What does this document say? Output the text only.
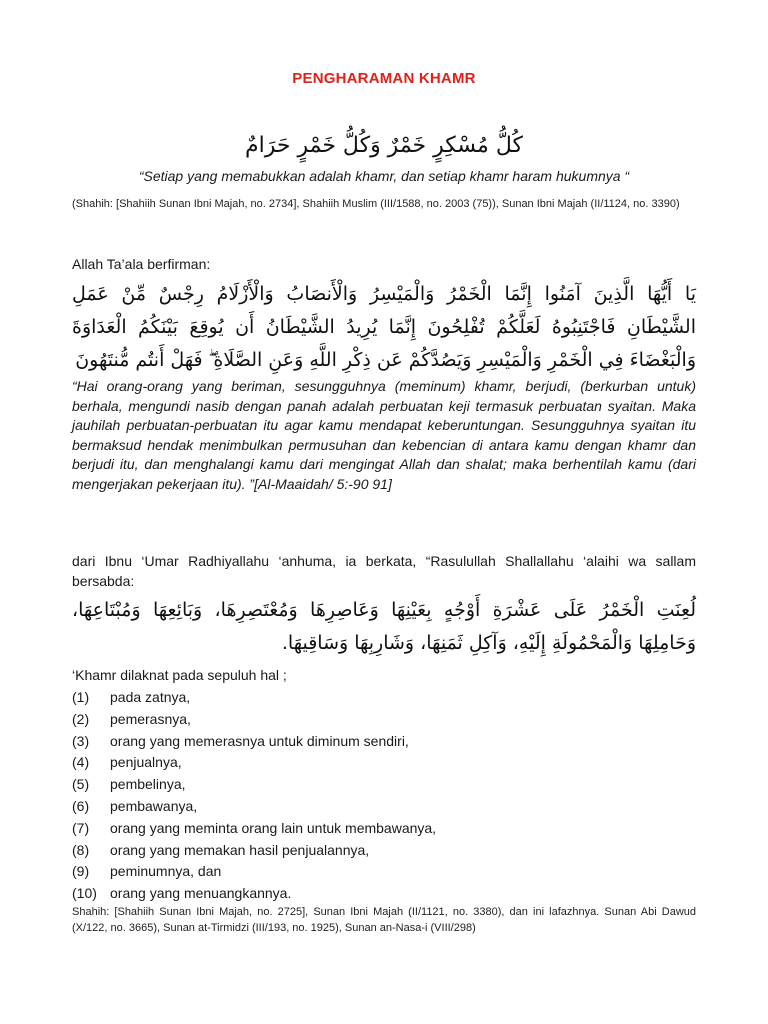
PENGHARAMAN KHAMR
كُلُّ مُسْكِرٍ خَمْرٌ وَكُلُّ خَمْرٍ حَرَامٌ
“Setiap yang memabukkan adalah khamr, dan setiap khamr haram hukumnya “
(Shahih: [Shahiih Sunan Ibni Majah, no. 2734], Shahiih Muslim (III/1588, no. 2003 (75)), Sunan Ibni Majah (II/1124, no. 3390)
Allah Ta’ala berfirman:
يَا أَيُّهَا الَّذِينَ آمَنُوا إِنَّمَا الْخَمْرُ وَالْمَيْسِرُ وَالْأَنصَابُ وَالْأَزْلَامُ رِجْسٌ مِّنْ عَمَلِ الشَّيْطَانِ فَاجْتَنِبُوهُ لَعَلَّكُمْ تُفْلِحُونَ إِنَّمَا يُرِيدُ الشَّيْطَانُ أَن يُوقِعَ بَيْنَكُمُ الْعَدَاوَةَ وَالْبَغْضَاءَ فِي الْخَمْرِ وَالْمَيْسِرِ وَيَصُدَّكُمْ عَن ذِكْرِ اللَّهِ وَعَنِ الصَّلَاةِ ۖ فَهَلْ أَنتُم مُّنتَهُونَ
“Hai orang-orang yang beriman, sesungguhnya (meminum) khamr, berjudi, (berkurban untuk) berhala, mengundi nasib dengan panah adalah perbuatan keji termasuk perbuatan syaitan. Maka jauhilah perbuatan-perbuatan itu agar kamu mendapat keberuntungan. Sesungguhnya syaitan itu bermaksud hendak menimbulkan permusuhan dan kebencian di antara kamu dengan khamr dan berjudi itu, dan menghalangi kamu dari mengingat Allah dan shalat; maka berhentilah kamu (dari mengerjakan pekerjaan itu). ”[Al-Maaidah/ 5:-90 91]
dari Ibnu ‘Umar Radhiyallahu ‘anhuma, ia berkata, “Rasulullah Shallallahu ‘alaihi wa sallam bersabda:
لُعِنَتِ الْخَمْرُ عَلَى عَشْرَةِ أَوْجُهٍ بِعَيْنِهَا وَعَاصِرِهَا وَمُعْتَصِرِهَا، وَبَائِعِهَا وَمُبْتَاعِهَا، وَحَامِلِهَا وَالْمَحْمُولَةِ إِلَيْهِ، وَآكِلِ ثَمَنِهَا، وَشَارِبِهَا وَسَاقِيهَا.
‘Khamr dilaknat pada sepuluh hal ;
(1)	pada zatnya,
(2)	pemerasnya,
(3)	orang yang memerasnya untuk diminum sendiri,
(4)	penjualnya,
(5)	pembelinya,
(6)	pembawanya,
(7)	orang yang meminta orang lain untuk membawanya,
(8)	orang yang memakan hasil penjualannya,
(9)	peminumnya, dan
(10) orang yang menuangkannya.
Shahih: [Shahiih Sunan Ibni Majah, no. 2725], Sunan Ibni Majah (II/1121, no. 3380), dan ini lafazhnya. Sunan Abi Dawud (X/122, no. 3665), Sunan at-Tirmidzi (III/193, no. 1925), Sunan an-Nasa-i (VIII/298)
